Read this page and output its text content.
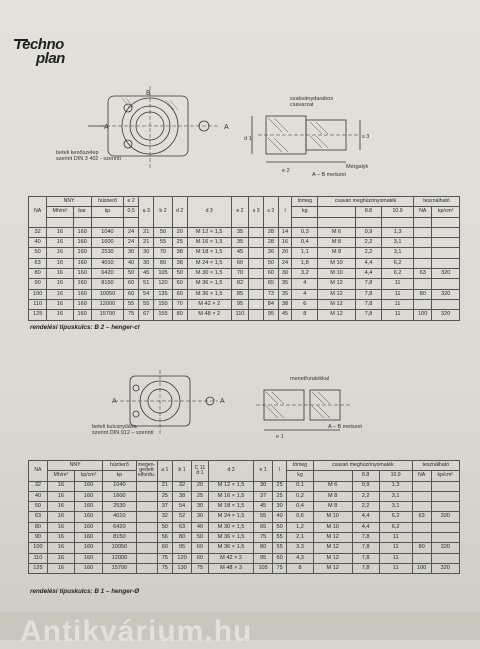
Techno
plan
B
A	A
beteli kenőszelep
szerint DIN 3 402 - szerinti
szabványdarabos
csavarzat
d 1	s 3
Mérgalyk
e 2
A – B metszet
NA	NNY		húzóerő	e 2	a 3	b 2	d 2	d 3	e 2	s 3	s 2	l	tömeg	csavari meghúzónyomaték			tesználható	
	Mh/m²	bar	kp	0,5									kg		8.8	10.9	NA	kp/cm²

32	16	160	1040	24	21	50	20	M 12 × 1,5	35		28	14	0,3	M 6	0,9	1,3		
40	16	160	1600	24	21	55	25	M 16 × 1,5	35		28	16	0,4	M 8	2,2	3,1		
50	16	160	2530	30	30	70	38	M 18 × 1,5	45		36	20	1,1	M 8	2,2	3,1		
63	16	160	4010	40	30	80	38	M 24 × 1,5	60		50	24	1,8	M 10	4,4	6,2		
80	16	160	6420	50	45	105	50	M 30 × 1,5	70		60	30	3,2	M 10	4,4	6,2	63	320
90	16	160	8150	60	51	120	60	M 36 × 1,5	82		65	35	4	M 12	7,8	11		
100	16	160	10050	60	54	135	60	M 36 × 1,5	85		73	35	4	M 12	7,8	11	80	320
110	16	160	12000	55	55	150	70	M 42 × 2	95		84	38	6	M 12	7,8	11		
125	16	160	15700	75	67	155	80	M 48 × 2	110		95	45	8	M 12	7,8	11	100	320
rendelési típuskulcs: B 2 – henger-cl
A	A
beteli kulcsnyílása
szerint DIN 912 – szerinti
menetfuratokkal
A – B metszet
e 1
NA	NNY		húzóerő	megen-gedett elfordu.	a 1	b 1	C 11 d 1	d 3	e 1	l	tömeg	csavari meghúzónyomaték			tesználható	
	Mh/m²	kp/cm²	kp								kg		8.8	10.9	NA	kp/cm²
32	16	160	1040		21	32	20	M 12 × 1,5	30	25	0,1	M 6	0,9	1,3		
40	16	160	1600		25	38	25	M 16 × 1,5	37	25	0,2	M 8	2,2	3,1		
50	16	160	2530		37	54	30	M 18 × 1,5	45	30	0,4	M 8	2,2	3,1		
63	16	160	4010		32	52	30	M 24 × 1,5	55	40	0,6	M 10	4,4	6,2	63	320
80	16	160	6420		50	63	40	M 30 × 1,5	65	50	1,2	M 10	4,4	6,2		
90	16	160	8150		56	80	50	M 36 × 1,5	75	55	2,1	M 12	7,8	11		
100	16	160	10050		60	95	60	M 36 × 1,5	80	55	3,3	M 12	7,8	11	80	320
110	16	160	12000		75	120	60	M 42 × 2	95	60	4,3	M 12	7,8	11		
125	16	160	15700		75	130	75	M 48 × 3	105	75	8	M 12	7,8	11	100	320
rendelési típuskulcs: B 1 – henger-Ø
Antikvárium.hu
